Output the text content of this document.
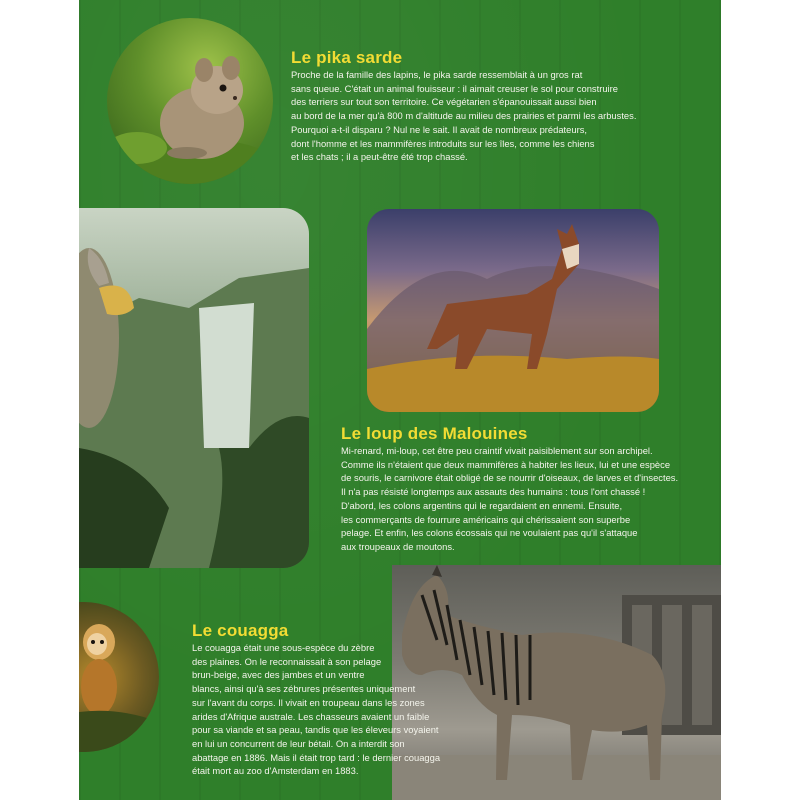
Le pika sarde
Proche de la famille des lapins, le pika sarde ressemblait à un gros rat
sans queue. C'était un animal fouisseur : il aimait creuser le sol pour construire
des terriers sur tout son territoire. Ce végétarien s'épanouissait aussi bien
au bord de la mer qu'à 800 m d'altitude au milieu des prairies et parmi les arbustes.
Pourquoi a-t-il disparu ? Nul ne le sait. Il avait de nombreux prédateurs,
dont l'homme et les mammifères introduits sur les îles, comme les chiens
et les chats ; il a peut-être été trop chassé.
Le loup des Malouines
Mi-renard, mi-loup, cet être peu craintif vivait paisiblement sur son archipel.
Comme ils n'étaient que deux mammifères à habiter les lieux, lui et une espèce
de souris, le carnivore était obligé de se nourrir d'oiseaux, de larves et d'insectes.
Il n'a pas résisté longtemps aux assauts des humains : tous l'ont chassé !
D'abord, les colons argentins qui le regardaient en ennemi. Ensuite,
les commerçants de fourrure américains qui chérissaient son superbe
pelage. Et enfin, les colons écossais qui ne voulaient pas qu'il s'attaque
aux troupeaux de moutons.
Le couagga
Le couagga était une sous-espèce du zèbre
des plaines. On le reconnaissait à son pelage
brun-beige, avec des jambes et un ventre
blancs, ainsi qu'à ses zébrures présentes uniquement
sur l'avant du corps. Il vivait en troupeau dans les zones
arides d'Afrique australe. Les chasseurs avaient un faible
pour sa viande et sa peau, tandis que les éleveurs voyaient
en lui un concurrent de leur bétail. On a interdit son
abattage en 1886. Mais il était trop tard : le dernier couagga
était mort au zoo d'Amsterdam en 1883.
